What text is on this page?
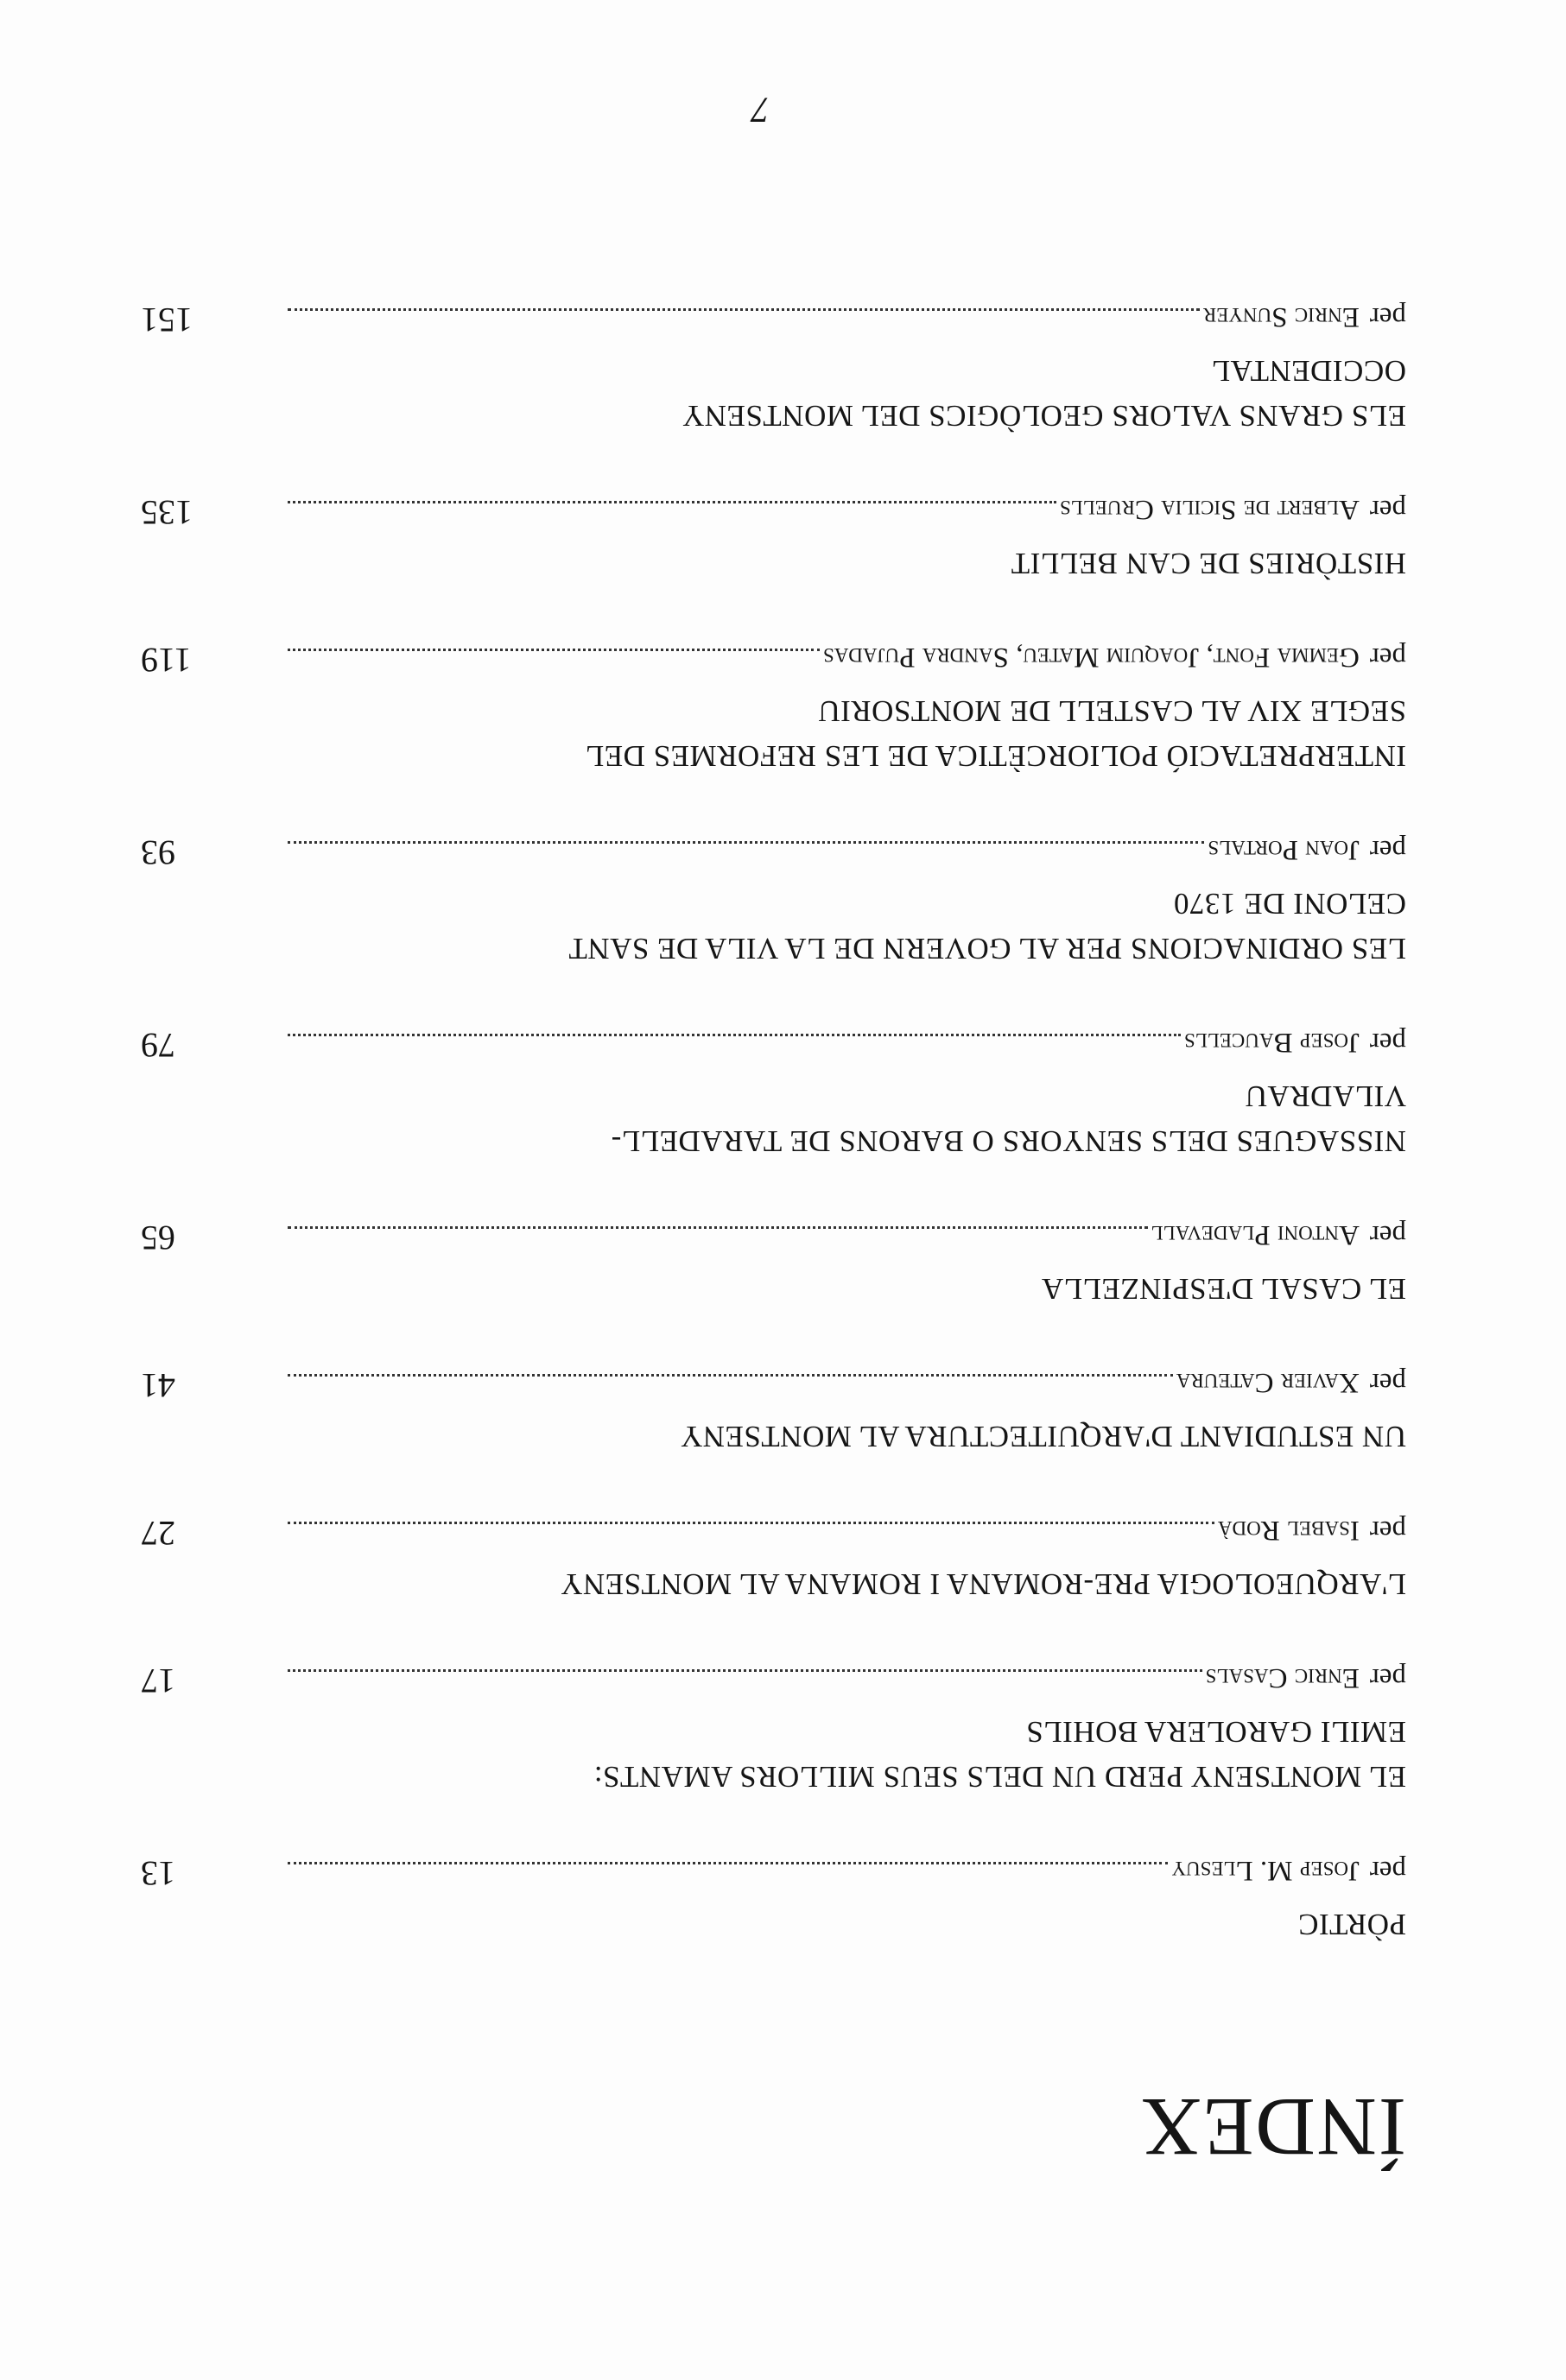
ÍNDEX
PÒRTIC
per
Josep M. Llesuy
13
EL MONTSENY PERD UN DELS SEUS MILLORS AMANTS:
EMILI GAROLERA BOHILS
per
Enric Casals
17
L'ARQUEOLOGIA PRE-ROMANA I ROMANA AL MONTSENY
per
Isabel Rodà
27
UN ESTUDIANT D'ARQUITECTURA AL MONTSENY
per
Xavier Cateura
41
EL CASAL D'ESPINZELLA
per
Antoni Pladevall
65
NISSAGUES DELS SENYORS O BARONS DE TARADELL-
VILADRAU
per
Josep Baucells
79
LES ORDINACIONS PER AL GOVERN DE LA VILA DE SANT
CELONI DE 1370
per
Joan Portals
93
INTERPRETACIÓ POLIORCÈTICA DE LES REFORMES DEL
SEGLE XIV AL CASTELL DE MONTSORIU
per
Gemma Font, Joaquim Mateu, Sandra Pujadas
119
HISTÒRIES DE CAN BELLIT
per
Albert de Sicilia Cruells
135
ELS GRANS VALORS GEOLÒGICS DEL MONTSENY
OCCIDENTAL
per
Enric Sunyer
151
7
